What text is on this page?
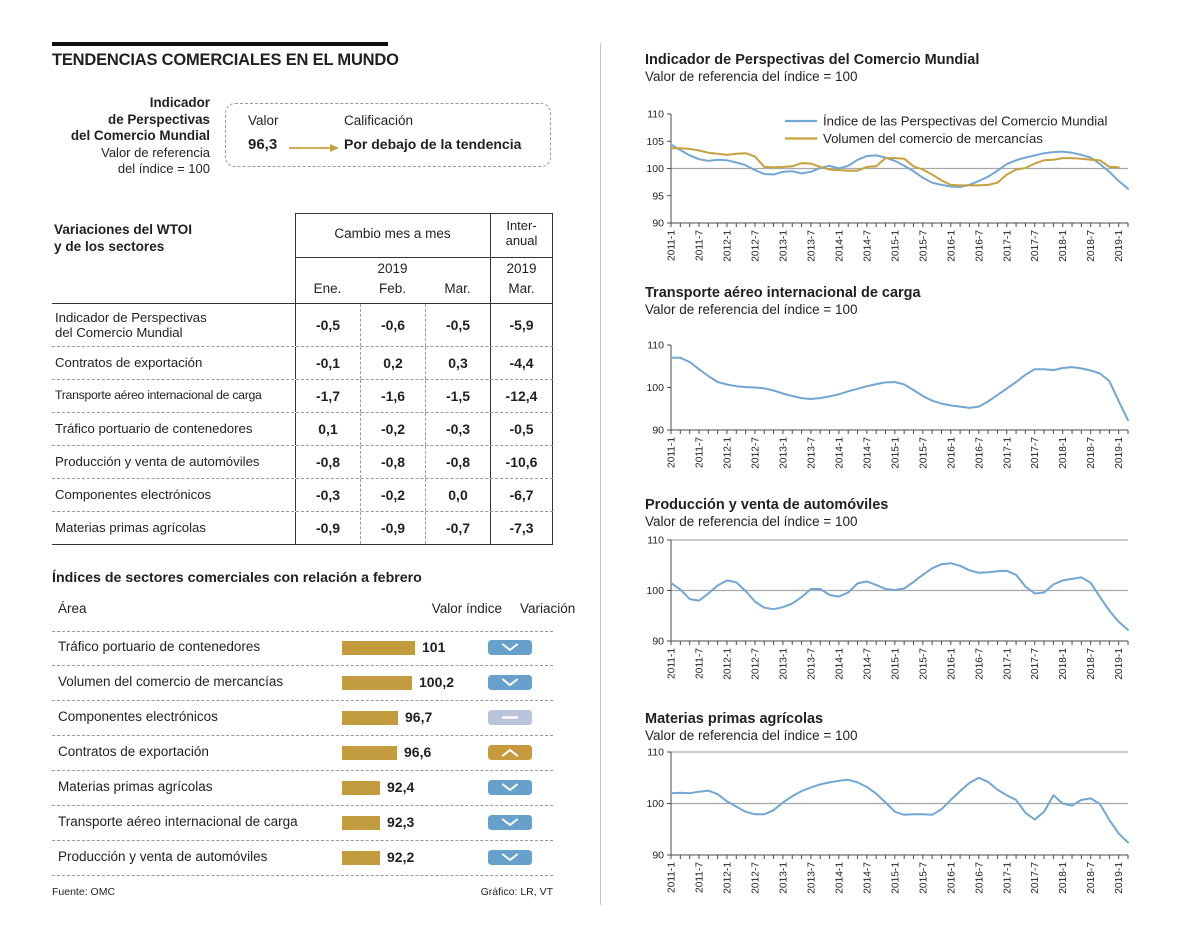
TENDENCIAS COMERCIALES EN EL MUNDO
Indicador
de Perspectivas
del Comercio Mundial
Valor de referencia
del índice = 100
Valor	Calificación
96,3	Por debajo de la tendencia
Variaciones del WTOI
y de los sectores
Cambio mes a mes
Inter-
anual
2019	2019
Ene.	Feb.	Mar.	Mar.
Indicador de Perspectivas
del Comercio Mundial	-0,5	-0,6	-0,5	-5,9
Contratos de exportación	-0,1	0,2	0,3	-4,4
Transporte aéreo internacional de carga	-1,7	-1,6	-1,5	-12,4
Tráfico portuario de contenedores	0,1	-0,2	-0,3	-0,5
Producción y venta de automóviles	-0,8	-0,8	-0,8	-10,6
Componentes electrónicos	-0,3	-0,2	0,0	-6,7
Materias primas agrícolas	-0,9	-0,9	-0,7	-7,3
Índices de sectores comerciales con relación a febrero
Área	Valor índice Variación
Tráfico portuario de contenedores	101
Volumen del comercio de mercancías	100,2
Componentes electrónicos	96,7
Contratos de exportación	96,6
Materias primas agrícolas	92,4
Transporte aéreo internacional de carga	92,3
Producción y venta de automóviles	92,2
Fuente: OMC	Gráfico: LR, VT

Indicador de Perspectivas del Comercio Mundial

Valor de referencia del índice = 100

90
95
100
105
110
2011-1 2011-7 2012-1 2012-7 2013-1 2013-7 2014-1 2014-7 2015-1 2015-7 2016-1 2016-7 2017-1 2017-7 2018-1 2018-7 2019-1
Índice de las Perspectivas del Comercio Mundial
Volumen del comercio de mercancías

Transporte aéreo internacional de carga

Valor de referencia del índice = 100

90
100
110
2011-1 2011-7 2012-1 2012-7 2013-1 2013-7 2014-1 2014-7 2015-1 2015-7 2016-1 2016-7 2017-1 2017-7 2018-1 2018-7 2019-1

Producción y venta de automóviles

Valor de referencia del índice = 100

90
100
110
2011-1 2011-7 2012-1 2012-7 2013-1 2013-7 2014-1 2014-7 2015-1 2015-7 2016-1 2016-7 2017-1 2017-7 2018-1 2018-7 2019-1

Materias primas agrícolas

Valor de referencia del índice = 100

90
100
110
2011-1 2011-7 2012-1 2012-7 2013-1 2013-7 2014-1 2014-7 2015-1 2015-7 2016-1 2016-7 2017-1 2017-7 2018-1 2018-7 2019-1
